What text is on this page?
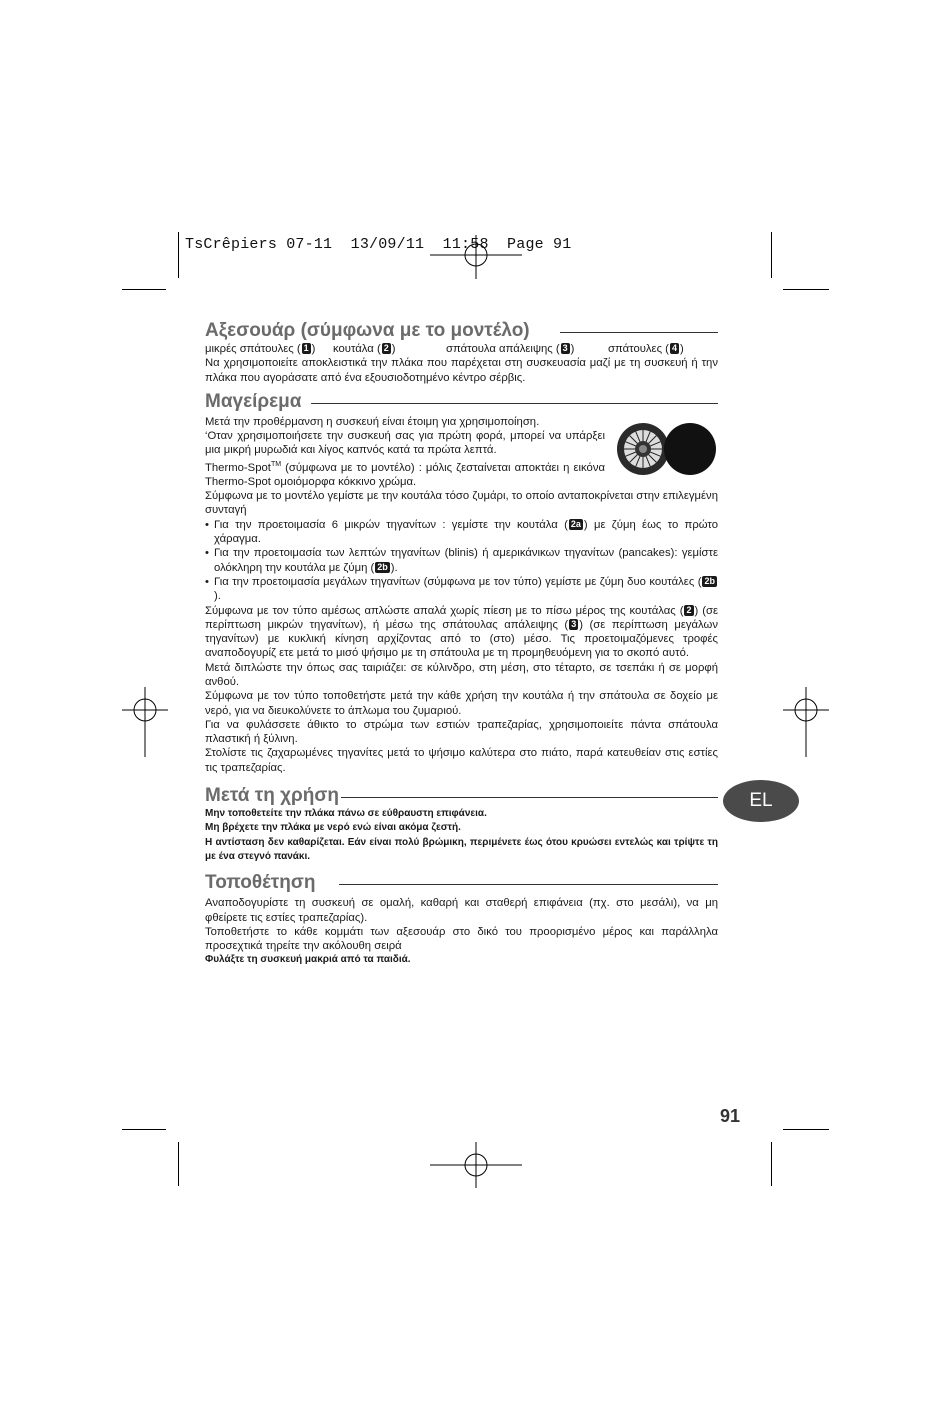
TsCrêpiers 07-11  13/09/11  11:58  Page 91
Αξεσουάρ (σύμφωνα με το μοντέλο)
μικρές σπάτουλες ( 1 )	κουτάλα ( 2 )	σπάτουλα απάλειψης ( 3 )	σπάτουλες ( 4 )

Να χρησιμοποιείτε αποκλειστικά την πλάκα που παρέχεται στη συσκευασία μαζί με τη συσκευή ή την πλάκα που αγοράσατε από ένα εξουσιοδοτημένο κέντρο σέρβις.

Μαγείρεμα

Μετά την προθέρμανση η συσκευή είναι έτοιμη για χρησιμοποίηση.

‘Οταν χρησιμοποιήσετε την συσκευή σας για πρώτη φορά, μπορεί να υπάρξει μια μικρή μυρωδιά και λίγος καπνός κατά τα πρώτα λεπτά.

Thermo-Spot™ (σύμφωνα με το μοντέλο) : μόλις ζεσταίνεται αποκτάει η εικόνα Thermo-Spot ομοιόμορφα κόκκινο χρώμα.

Σύμφωνα με το μοντέλο γεμίστε με την κουτάλα τόσο ζυμάρι, το οποίο ανταποκρίνεται στην επιλεγμένη συνταγή

• Για την προετοιμασία 6 μικρών τηγανίτων : γεμίστε την κουτάλα ( 2a ) με ζύμη έως το πρώτο χάραγμα.
• Για την προετοιμασία των λεπτών τηγανίτων (blinis) ή αμερικάνικων τηγανίτων (pancakes): γεμίστε ολόκληρη την κουτάλα με ζύμη ( 2b ).
• Για την προετοιμασία μεγάλων τηγανίτων (σύμφωνα με τον τύπο) γεμίστε με ζύμη δυο κουτάλες ( 2b).

Σύμφωνα με τον τύπο αμέσως απλώστε απαλά χωρίς πίεση με το πίσω μέρος της κουτάλας ( 2 ) (σε περίπτωση μικρών τηγανίτων), ή μέσω της σπάτουλας απάλειψης ( 3 ) (σε περίπτωση μεγάλων τηγανίτων) με κυκλική κίνηση αρχίζοντας από το (στο) μέσο. Τις προετοιμαζόμενες τροφές αναποδογυρίζ ετε μετά το μισό ψήσιμο με τη σπάτουλα με τη προμηθευόμενη για το σκοπό αυτό.

Μετά διπλώστε την όπως σας ταιριάζει: σε κύλινδρο, στη μέση, στο τέταρτο, σε τσεπάκι ή σε μορφή ανθού.

Σύμφωνα με τον τύπο τοποθετήστε μετά την κάθε χρήση την κουτάλα ή την σπάτουλα σε δοχείο με νερό, για να διευκολύνετε το άπλωμα του ζυμαριού.

Για να φυλάσσετε άθικτο το στρώμα των εστιών τραπεζαρίας, χρησιμοποιείτε πάντα σπάτουλα πλαστική ή ξύλινη.

Στολίστε τις ζαχαρωμένες τηγανίτες μετά το ψήσιμο καλύτερα στο πιάτο, παρά κατευθείαν στις εστίες τις τραπεζαρίας.

Μετά τη χρήση

Μην τοποθετείτε την πλάκα πάνω σε εύθραυστη επιφάνεια.

Μη βρέχετε την πλάκα με νερό ενώ είναι ακόμα ζεστή.

Η αντίσταση δεν καθαρίζεται. Εάν είναι πολύ βρώμικη, περιμένετε έως ότου κρυώσει εντελώς και τρίψτε τη με ένα στεγνό πανάκι.

Τοποθέτηση

Αναποδογυρίστε τη συσκευή σε ομαλή, καθαρή και σταθερή επιφάνεια (πχ. στο μεσάλι), να μη φθείρετε τις εστίες τραπεζαρίας).

Τοποθετήστε το κάθε κομμάτι των αξεσουάρ στο δικό του προορισμένο μέρος και παράλληλα προσεχτικά τηρείτε την ακόλουθη σειρά

Φυλάξτε τη συσκευή μακριά από τα παιδιά.

EL
91
